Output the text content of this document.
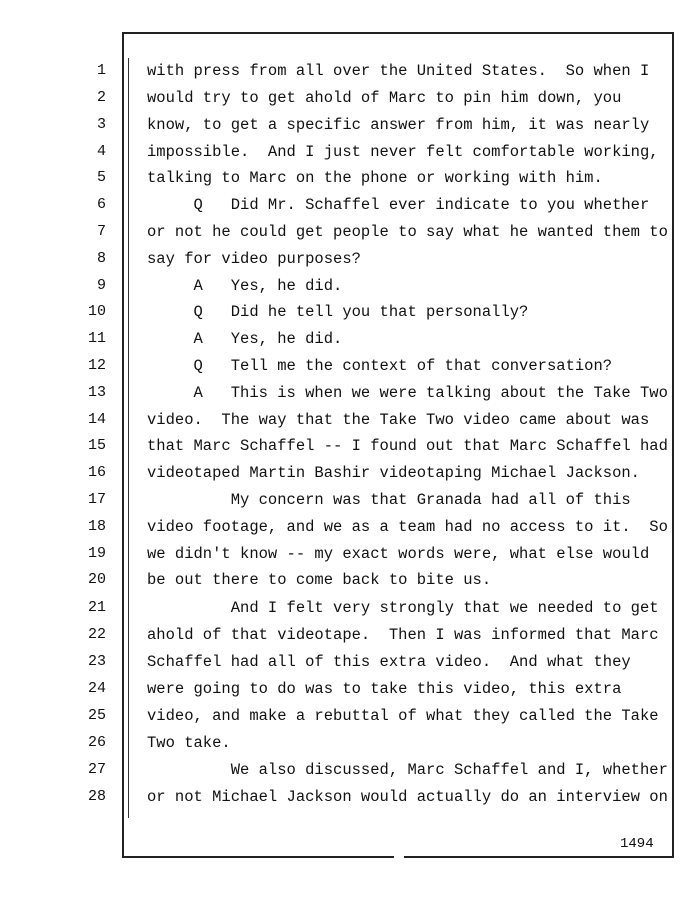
1	with press from all over the United States.  So when I
2	would try to get ahold of Marc to pin him down, you
3	know, to get a specific answer from him, it was nearly
4	impossible.  And I just never felt comfortable working,
5	talking to Marc on the phone or working with him.
6	Q   Did Mr. Schaffel ever indicate to you whether
7	or not he could get people to say what he wanted them to
8	say for video purposes?
9	A   Yes, he did.
10	Q   Did he tell you that personally?
11	A   Yes, he did.
12	Q   Tell me the context of that conversation?
13	A   This is when we were talking about the Take Two
14	video.  The way that the Take Two video came about was
15	that Marc Schaffel -- I found out that Marc Schaffel had
16	videotaped Martin Bashir videotaping Michael Jackson.
17	My concern was that Granada had all of this
18	video footage, and we as a team had no access to it.  So
19	we didn't know -- my exact words were, what else would
20	be out there to come back to bite us.
21	And I felt very strongly that we needed to get
22	ahold of that videotape.  Then I was informed that Marc
23	Schaffel had all of this extra video.  And what they
24	were going to do was to take this video, this extra
25	video, and make a rebuttal of what they called the Take
26	Two take.
27	We also discussed, Marc Schaffel and I, whether
28	or not Michael Jackson would actually do an interview on
1494
